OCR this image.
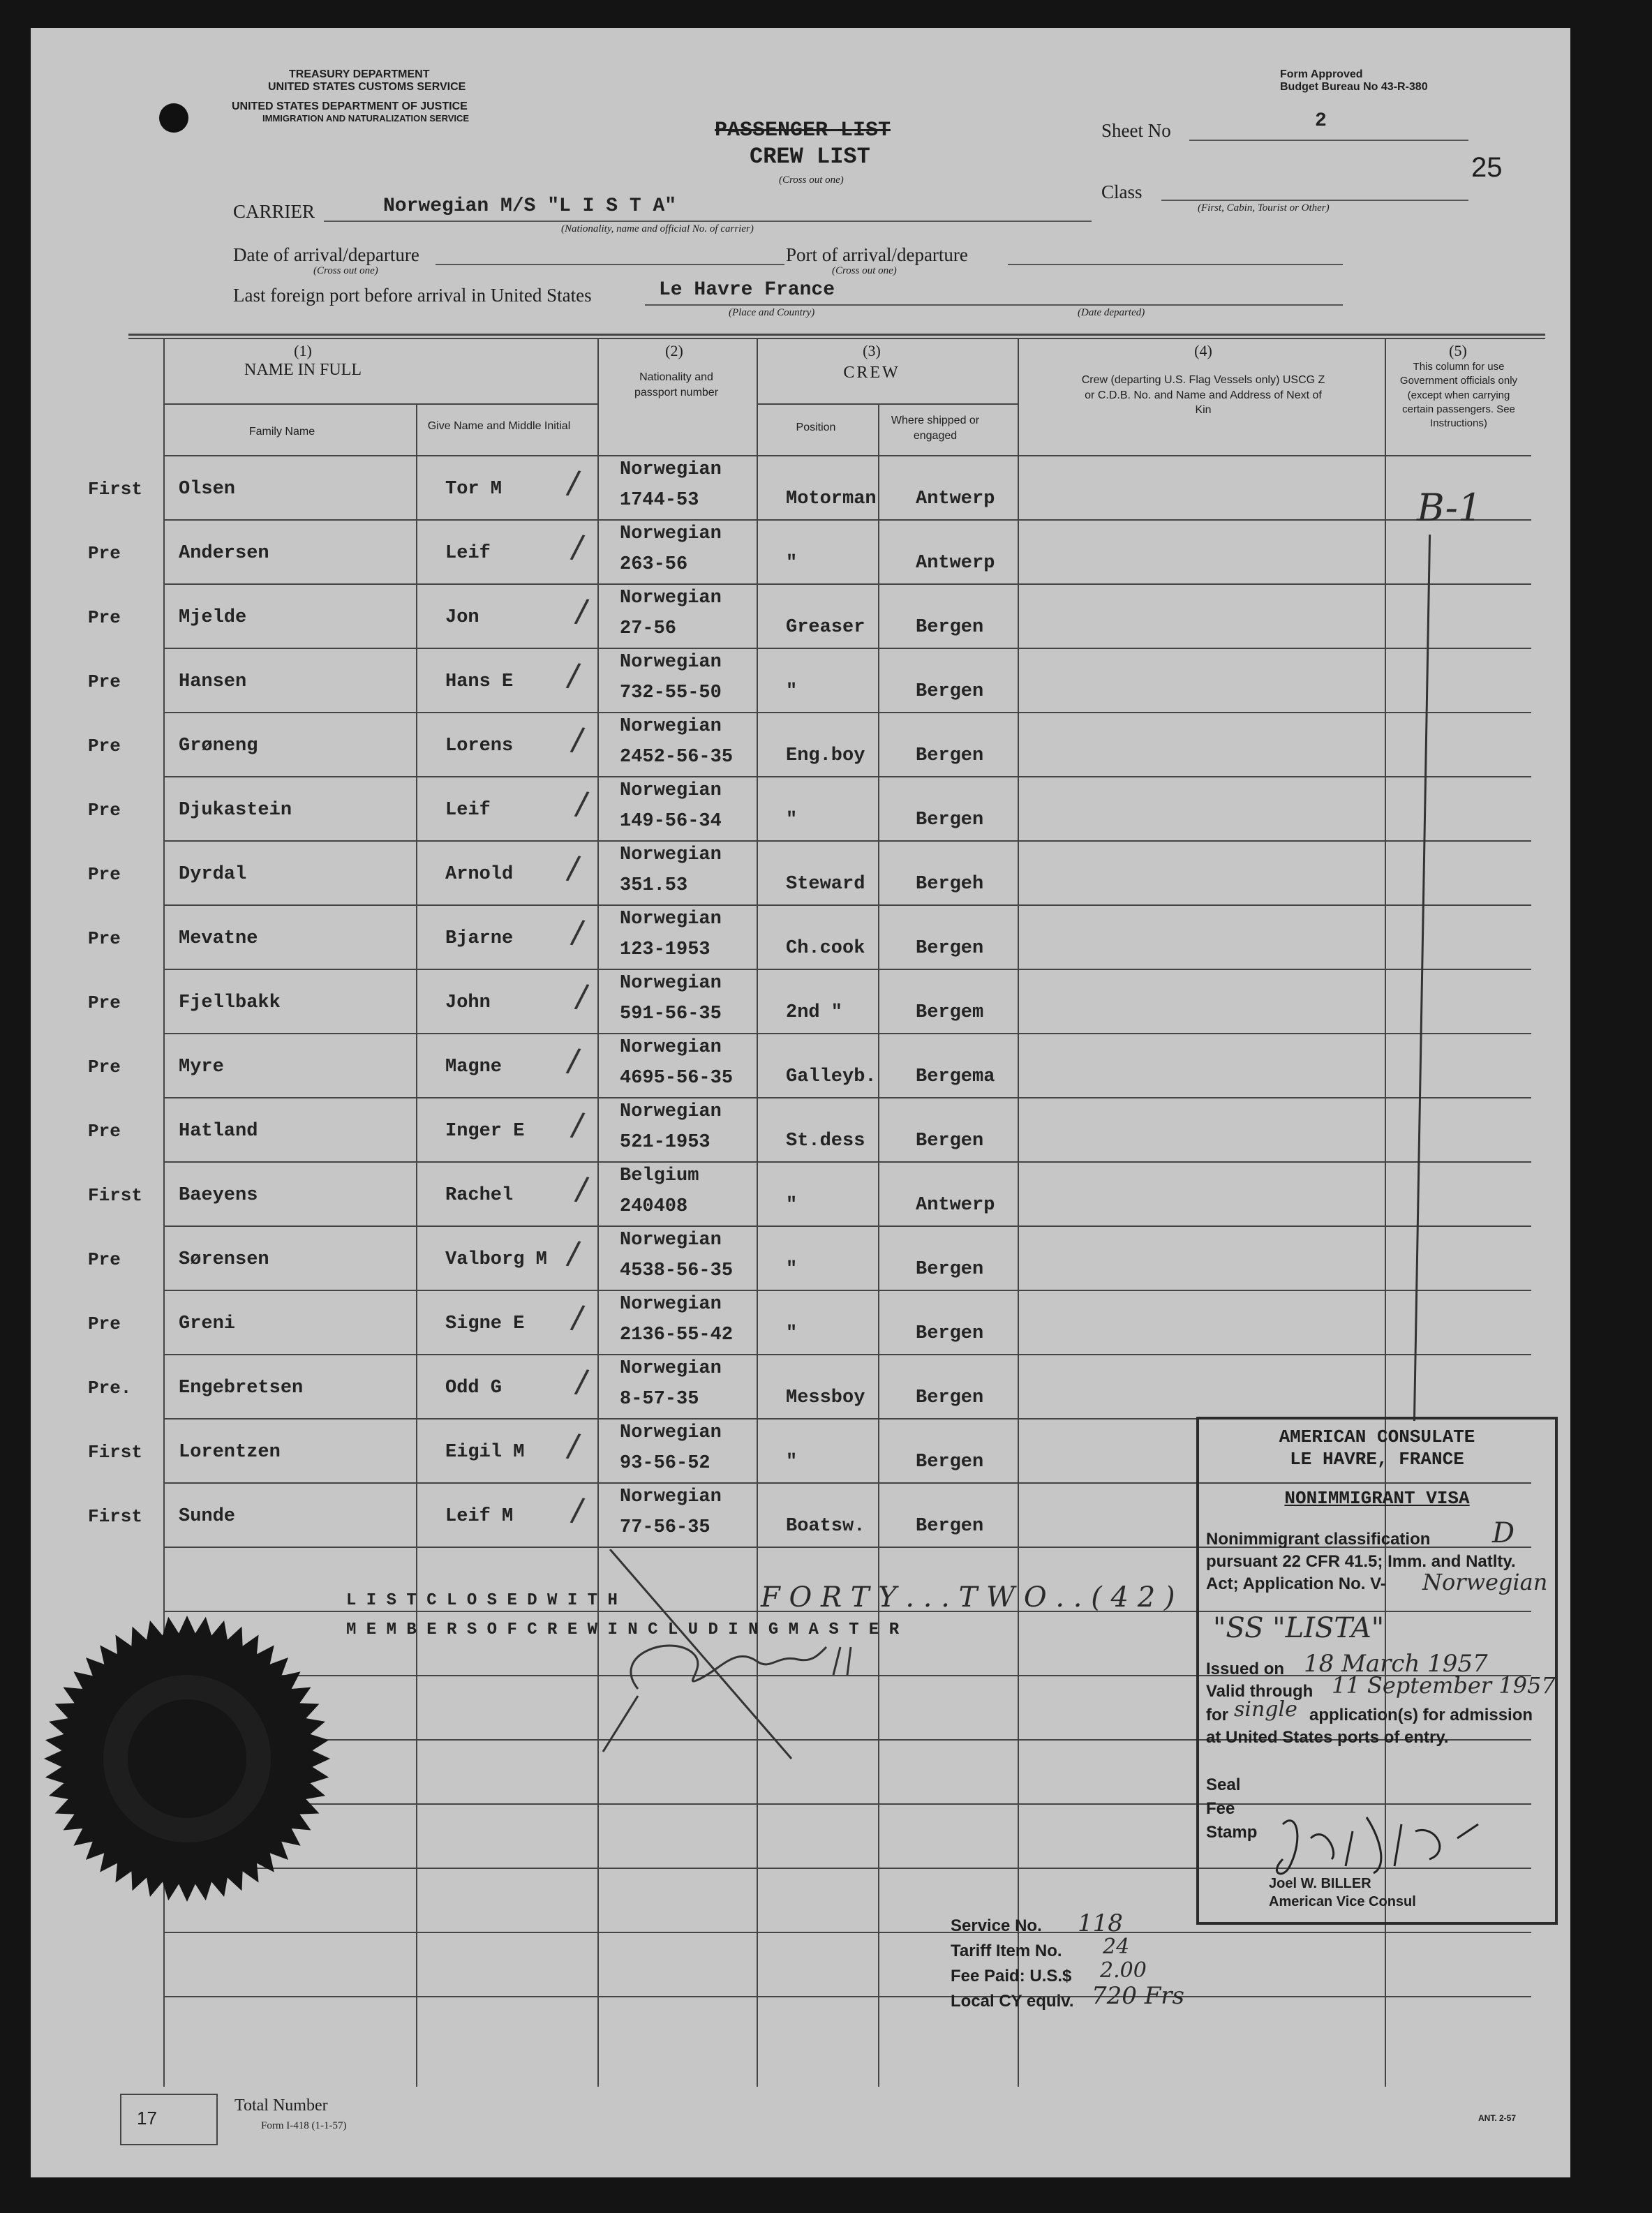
TREASURY DEPARTMENT
UNITED STATES CUSTOMS SERVICE
UNITED STATES DEPARTMENT OF JUSTICE
IMMIGRATION AND NATURALIZATION SERVICE
PASSENGER LIST
CREW LIST
(Cross out one)
Form Approved
Budget Bureau No 43-R-380
Sheet No	2
25
Class
(First, Cabin, Tourist or Other)
CARRIER	Norwegian M/S "L I S T A"
(Nationality, name and official No. of carrier)
Date of arrival/departure
(Cross out one)
Port of arrival/departure
(Cross out one)
Last foreign port before arrival in United States	Le Havre France
(Place and Country)	(Date departed)
(1)
NAME IN FULL
Family Name	Give Name and Middle Initial
(2)
Nationality and passport number
(3)
CREW
Position
Where shipped or engaged
(4)
Crew (departing U.S. Flag Vessels only) USCG Z or C.D.B. No. and Name and Address of Next of Kin
(5)
This column for use Government officials only (except when carrying certain passengers. See Instructions)
First Olsen	Tor M
Norwegian
1744-53	Motorman Antwerp
/
Pre	Andersen	Leif
Norwegian
263-56	"	Antwerp
/
Pre	Mjelde	Jon
Norwegian
27-56	Greaser	Bergen
/
Pre	Hansen	Hans E
Norwegian
732-55-50	"	Bergen
/
Pre	Grøneng	Lorens
Norwegian
2452-56-35	Eng.boy	Bergen
/
Pre	Djukastein	Leif
Norwegian
149-56-34	"	Bergen
/
Pre	Dyrdal	Arnold
Norwegian
351.53	Steward	Bergeh
/
Pre	Mevatne	Bjarne
Norwegian
123-1953	Ch.cook	Bergen
/
Pre	Fjellbakk	John
Norwegian
591-56-35	2nd "	Bergem
/
Pre	Myre	Magne
Norwegian
4695-56-35	Galleyb. Bergema
/
Pre	Hatland	Inger E
Norwegian
521-1953	St.dess	Bergen
/
First Baeyens	Rachel
Belgium
240408	"	Antwerp
/
Pre	Sørensen	Valborg M
Norwegian
4538-56-35	"	Bergen
/
Pre	Greni	Signe E
Norwegian
2136-55-42	"	Bergen
/
Pre.	Engebretsen	Odd G
Norwegian
8-57-35	Messboy	Bergen
/
First Lorentzen	Eigil M
Norwegian
93-56-52	"	Bergen
/
First Sunde	Leif M
Norwegian
77-56-35	Boatsw.	Bergen
/
B-1
L I S T C L O S E D W I T H	F O R T Y . . . T W O . . ( 4 2 )
M E M B E R S O F C R E W I N C L U D I N G M A S T E R
AMERICAN CONSULATE
LE HAVRE, FRANCE
NONIMMIGRANT VISA
Nonimmigrant classification D
pursuant 22 CFR 41.5; Imm. and Natlty.
Act; Application No. V- Norwegian
"SS "LISTA"
Issued on 18 March 1957
Valid through 11 September 1957
for single application(s) for admission
at United States ports of entry.
Seal
Fee
Stamp
Joel W. BILLER
American Vice Consul
Service No. 118
Tariff Item No. 24
Fee Paid: U.S.$ 2.00
Local CY equiv. 720 Frs
17
Total Number
Form I-418 (1-1-57)
ANT. 2-57
